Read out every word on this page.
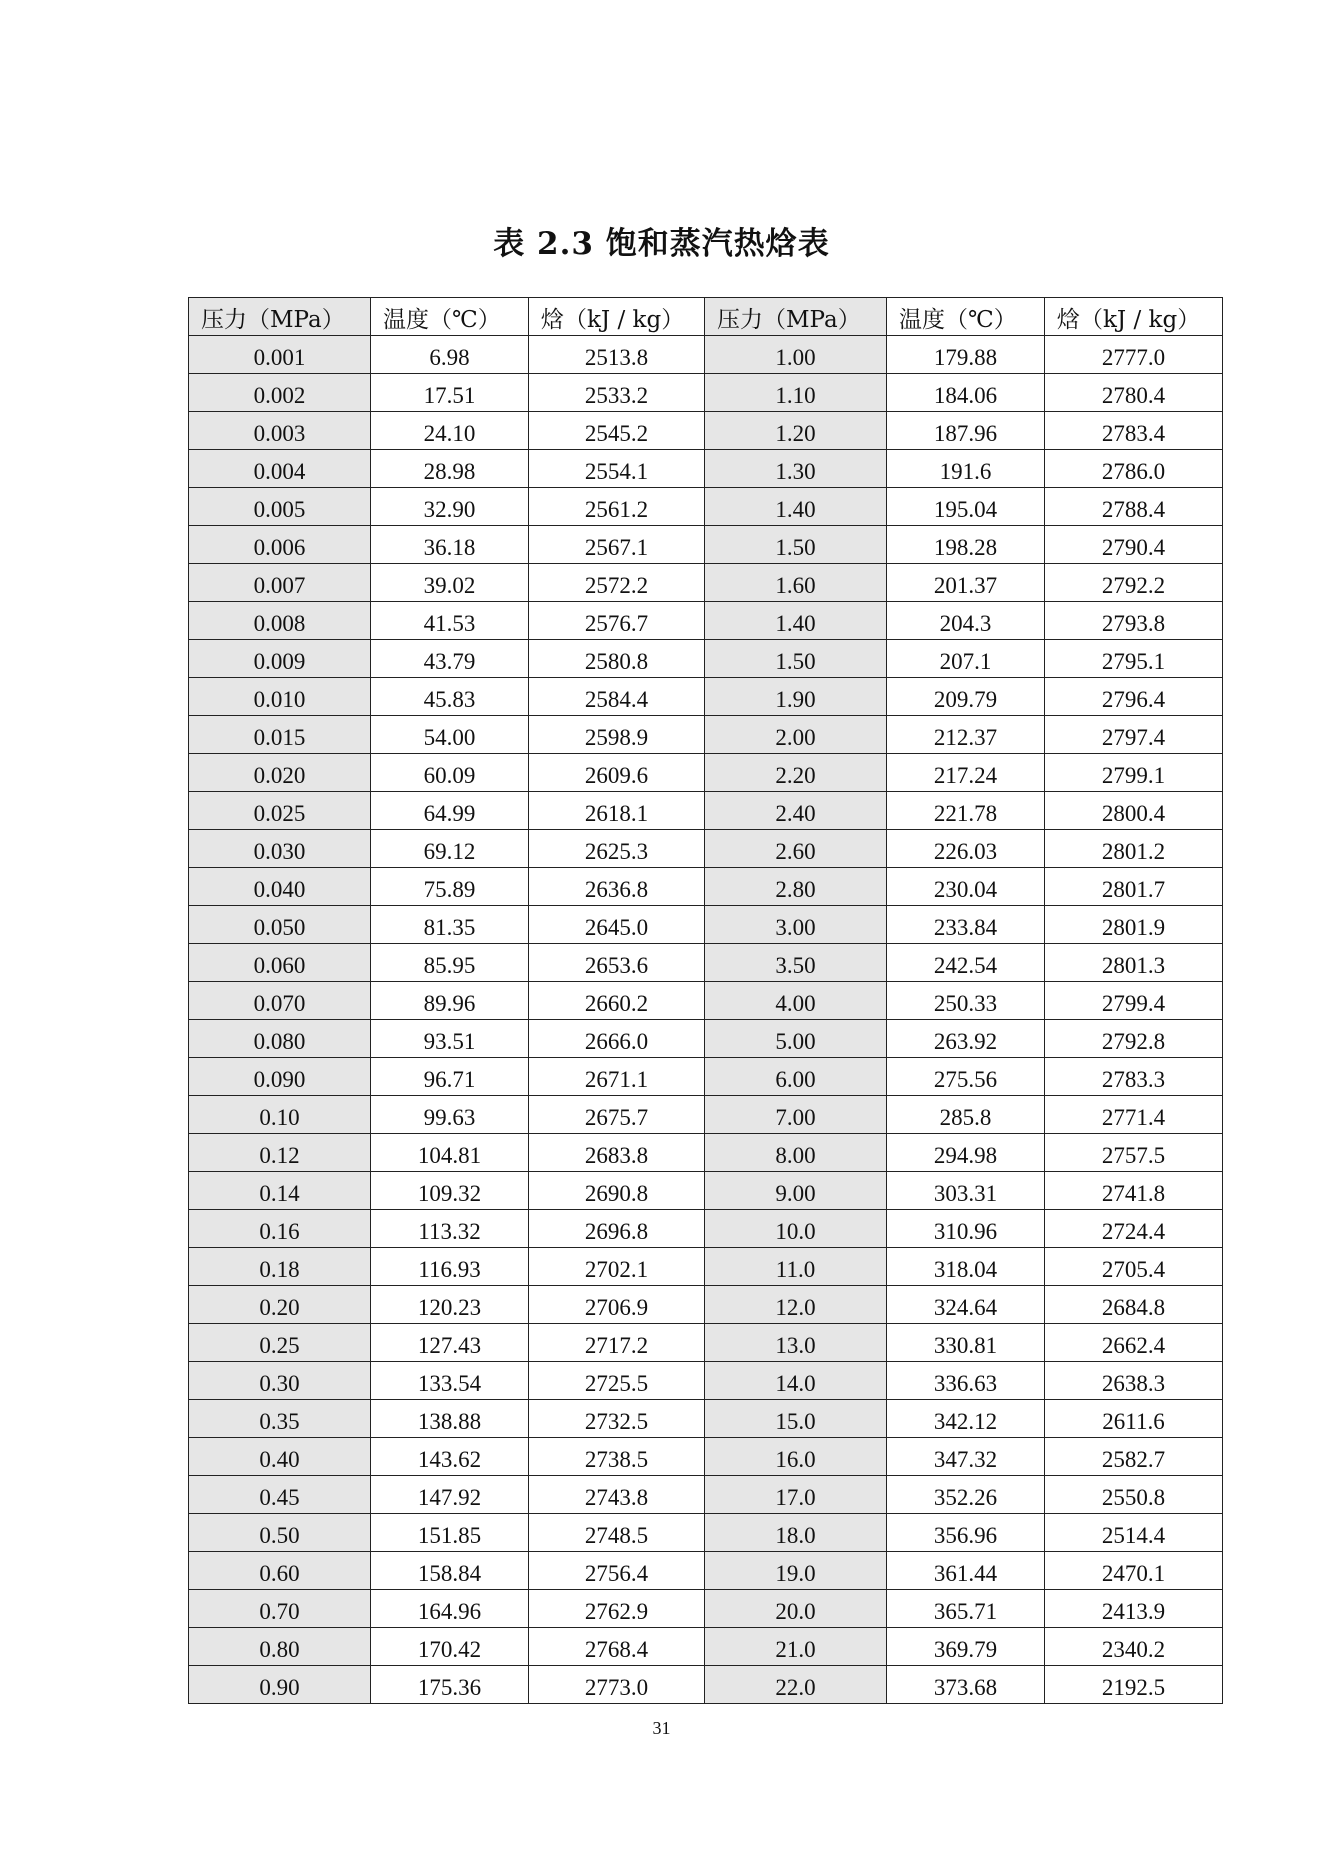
表 2.3 饱和蒸汽热焓表
压力（MPa）	温度（℃）	焓（kJ / kg）	压力（MPa）	温度（℃）	焓（kJ / kg）
0.001	6.98	2513.8	1.00	179.88	2777.0
0.002	17.51	2533.2	1.10	184.06	2780.4
0.003	24.10	2545.2	1.20	187.96	2783.4
0.004	28.98	2554.1	1.30	191.6	2786.0
0.005	32.90	2561.2	1.40	195.04	2788.4
0.006	36.18	2567.1	1.50	198.28	2790.4
0.007	39.02	2572.2	1.60	201.37	2792.2
0.008	41.53	2576.7	1.40	204.3	2793.8
0.009	43.79	2580.8	1.50	207.1	2795.1
0.010	45.83	2584.4	1.90	209.79	2796.4
0.015	54.00	2598.9	2.00	212.37	2797.4
0.020	60.09	2609.6	2.20	217.24	2799.1
0.025	64.99	2618.1	2.40	221.78	2800.4
0.030	69.12	2625.3	2.60	226.03	2801.2
0.040	75.89	2636.8	2.80	230.04	2801.7
0.050	81.35	2645.0	3.00	233.84	2801.9
0.060	85.95	2653.6	3.50	242.54	2801.3
0.070	89.96	2660.2	4.00	250.33	2799.4
0.080	93.51	2666.0	5.00	263.92	2792.8
0.090	96.71	2671.1	6.00	275.56	2783.3
0.10	99.63	2675.7	7.00	285.8	2771.4
0.12	104.81	2683.8	8.00	294.98	2757.5
0.14	109.32	2690.8	9.00	303.31	2741.8
0.16	113.32	2696.8	10.0	310.96	2724.4
0.18	116.93	2702.1	11.0	318.04	2705.4
0.20	120.23	2706.9	12.0	324.64	2684.8
0.25	127.43	2717.2	13.0	330.81	2662.4
0.30	133.54	2725.5	14.0	336.63	2638.3
0.35	138.88	2732.5	15.0	342.12	2611.6
0.40	143.62	2738.5	16.0	347.32	2582.7
0.45	147.92	2743.8	17.0	352.26	2550.8
0.50	151.85	2748.5	18.0	356.96	2514.4
0.60	158.84	2756.4	19.0	361.44	2470.1
0.70	164.96	2762.9	20.0	365.71	2413.9
0.80	170.42	2768.4	21.0	369.79	2340.2
0.90	175.36	2773.0	22.0	373.68	2192.5
31
